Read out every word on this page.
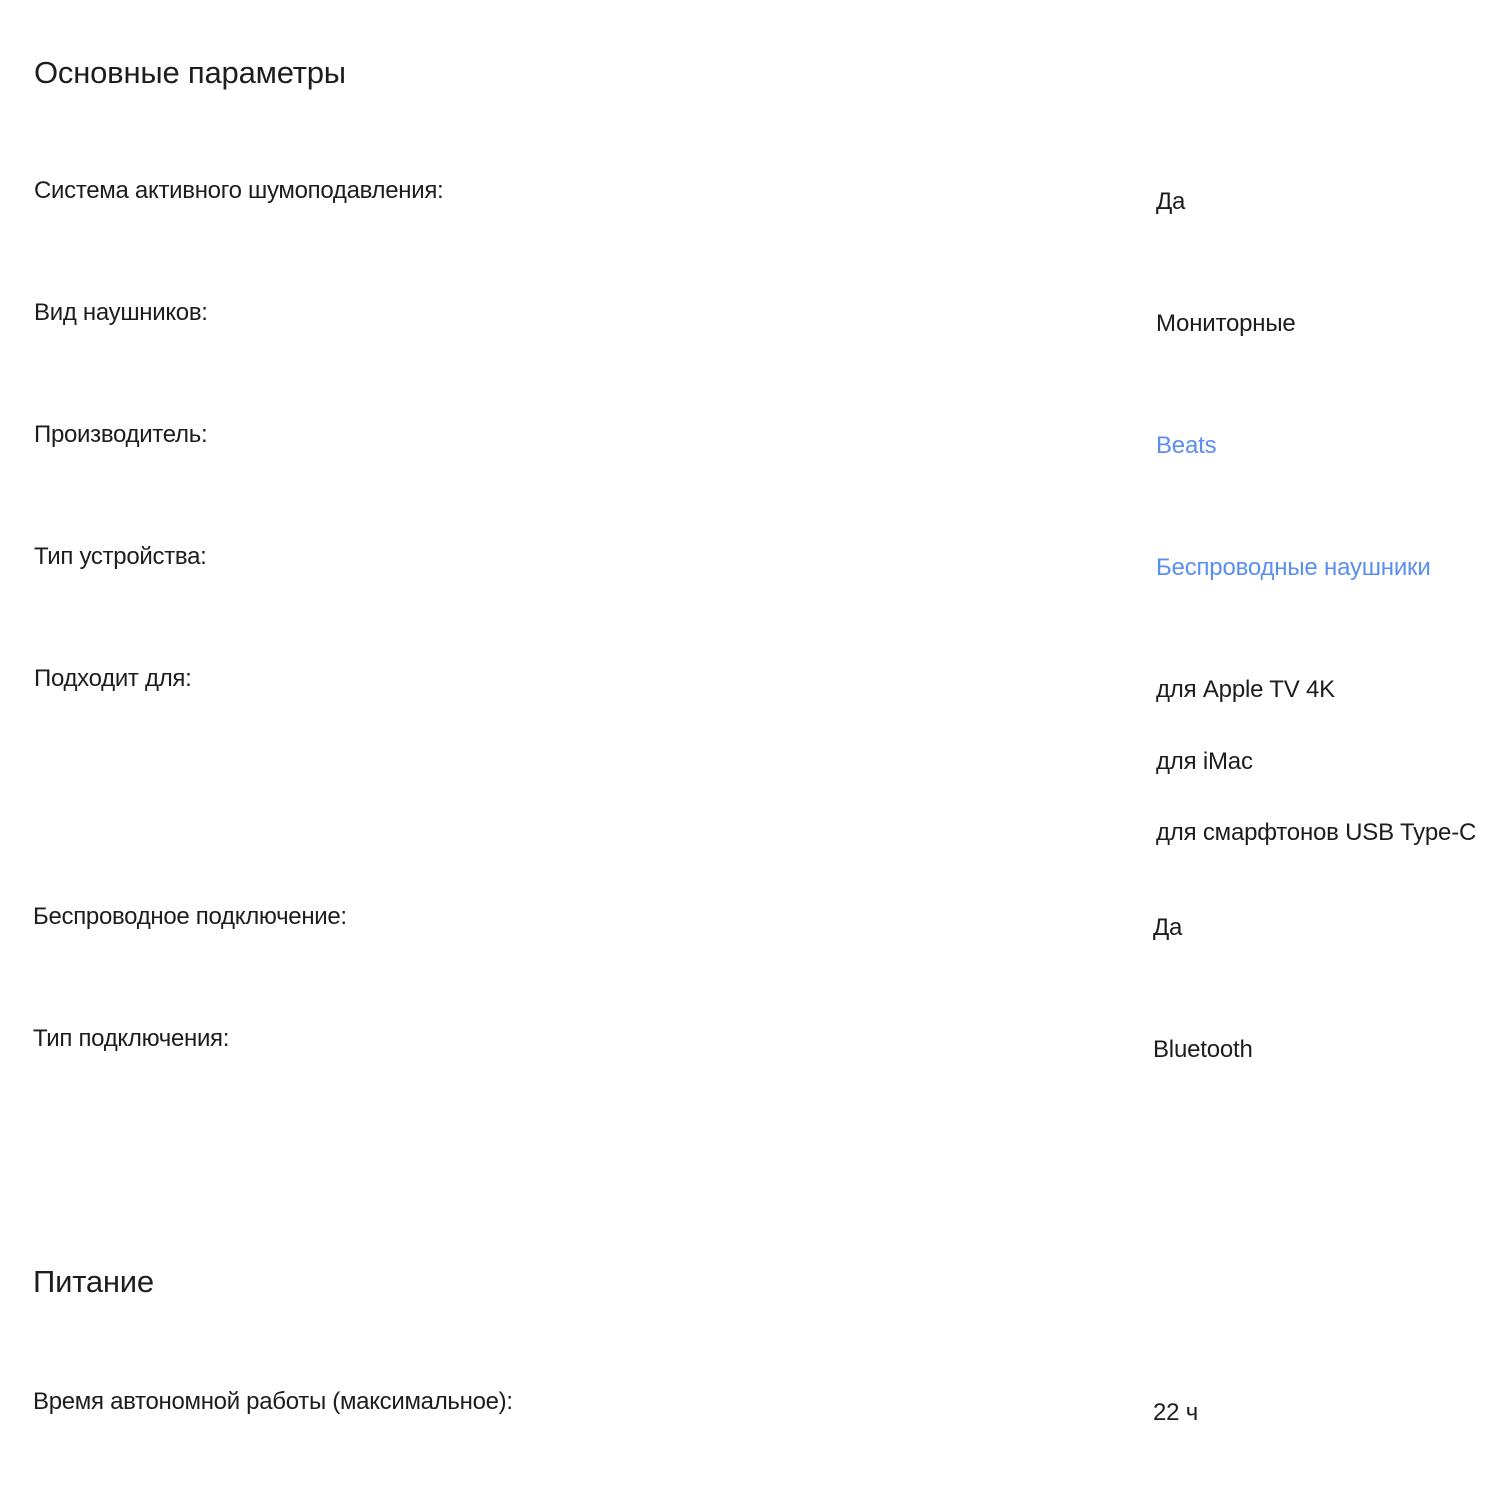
Основные параметры
Система активного шумоподавления:	Да
Вид наушников:	Мониторные
Производитель:	Beats
Тип устройства:	Беспроводные наушники
Подходит для:	для Apple TV 4K
для iMac
для смарфтонов USB Type-C
Беспроводное подключение:	Да
Тип подключения:	Bluetooth
Питание
Время автономной работы (максимальное):	22 ч
